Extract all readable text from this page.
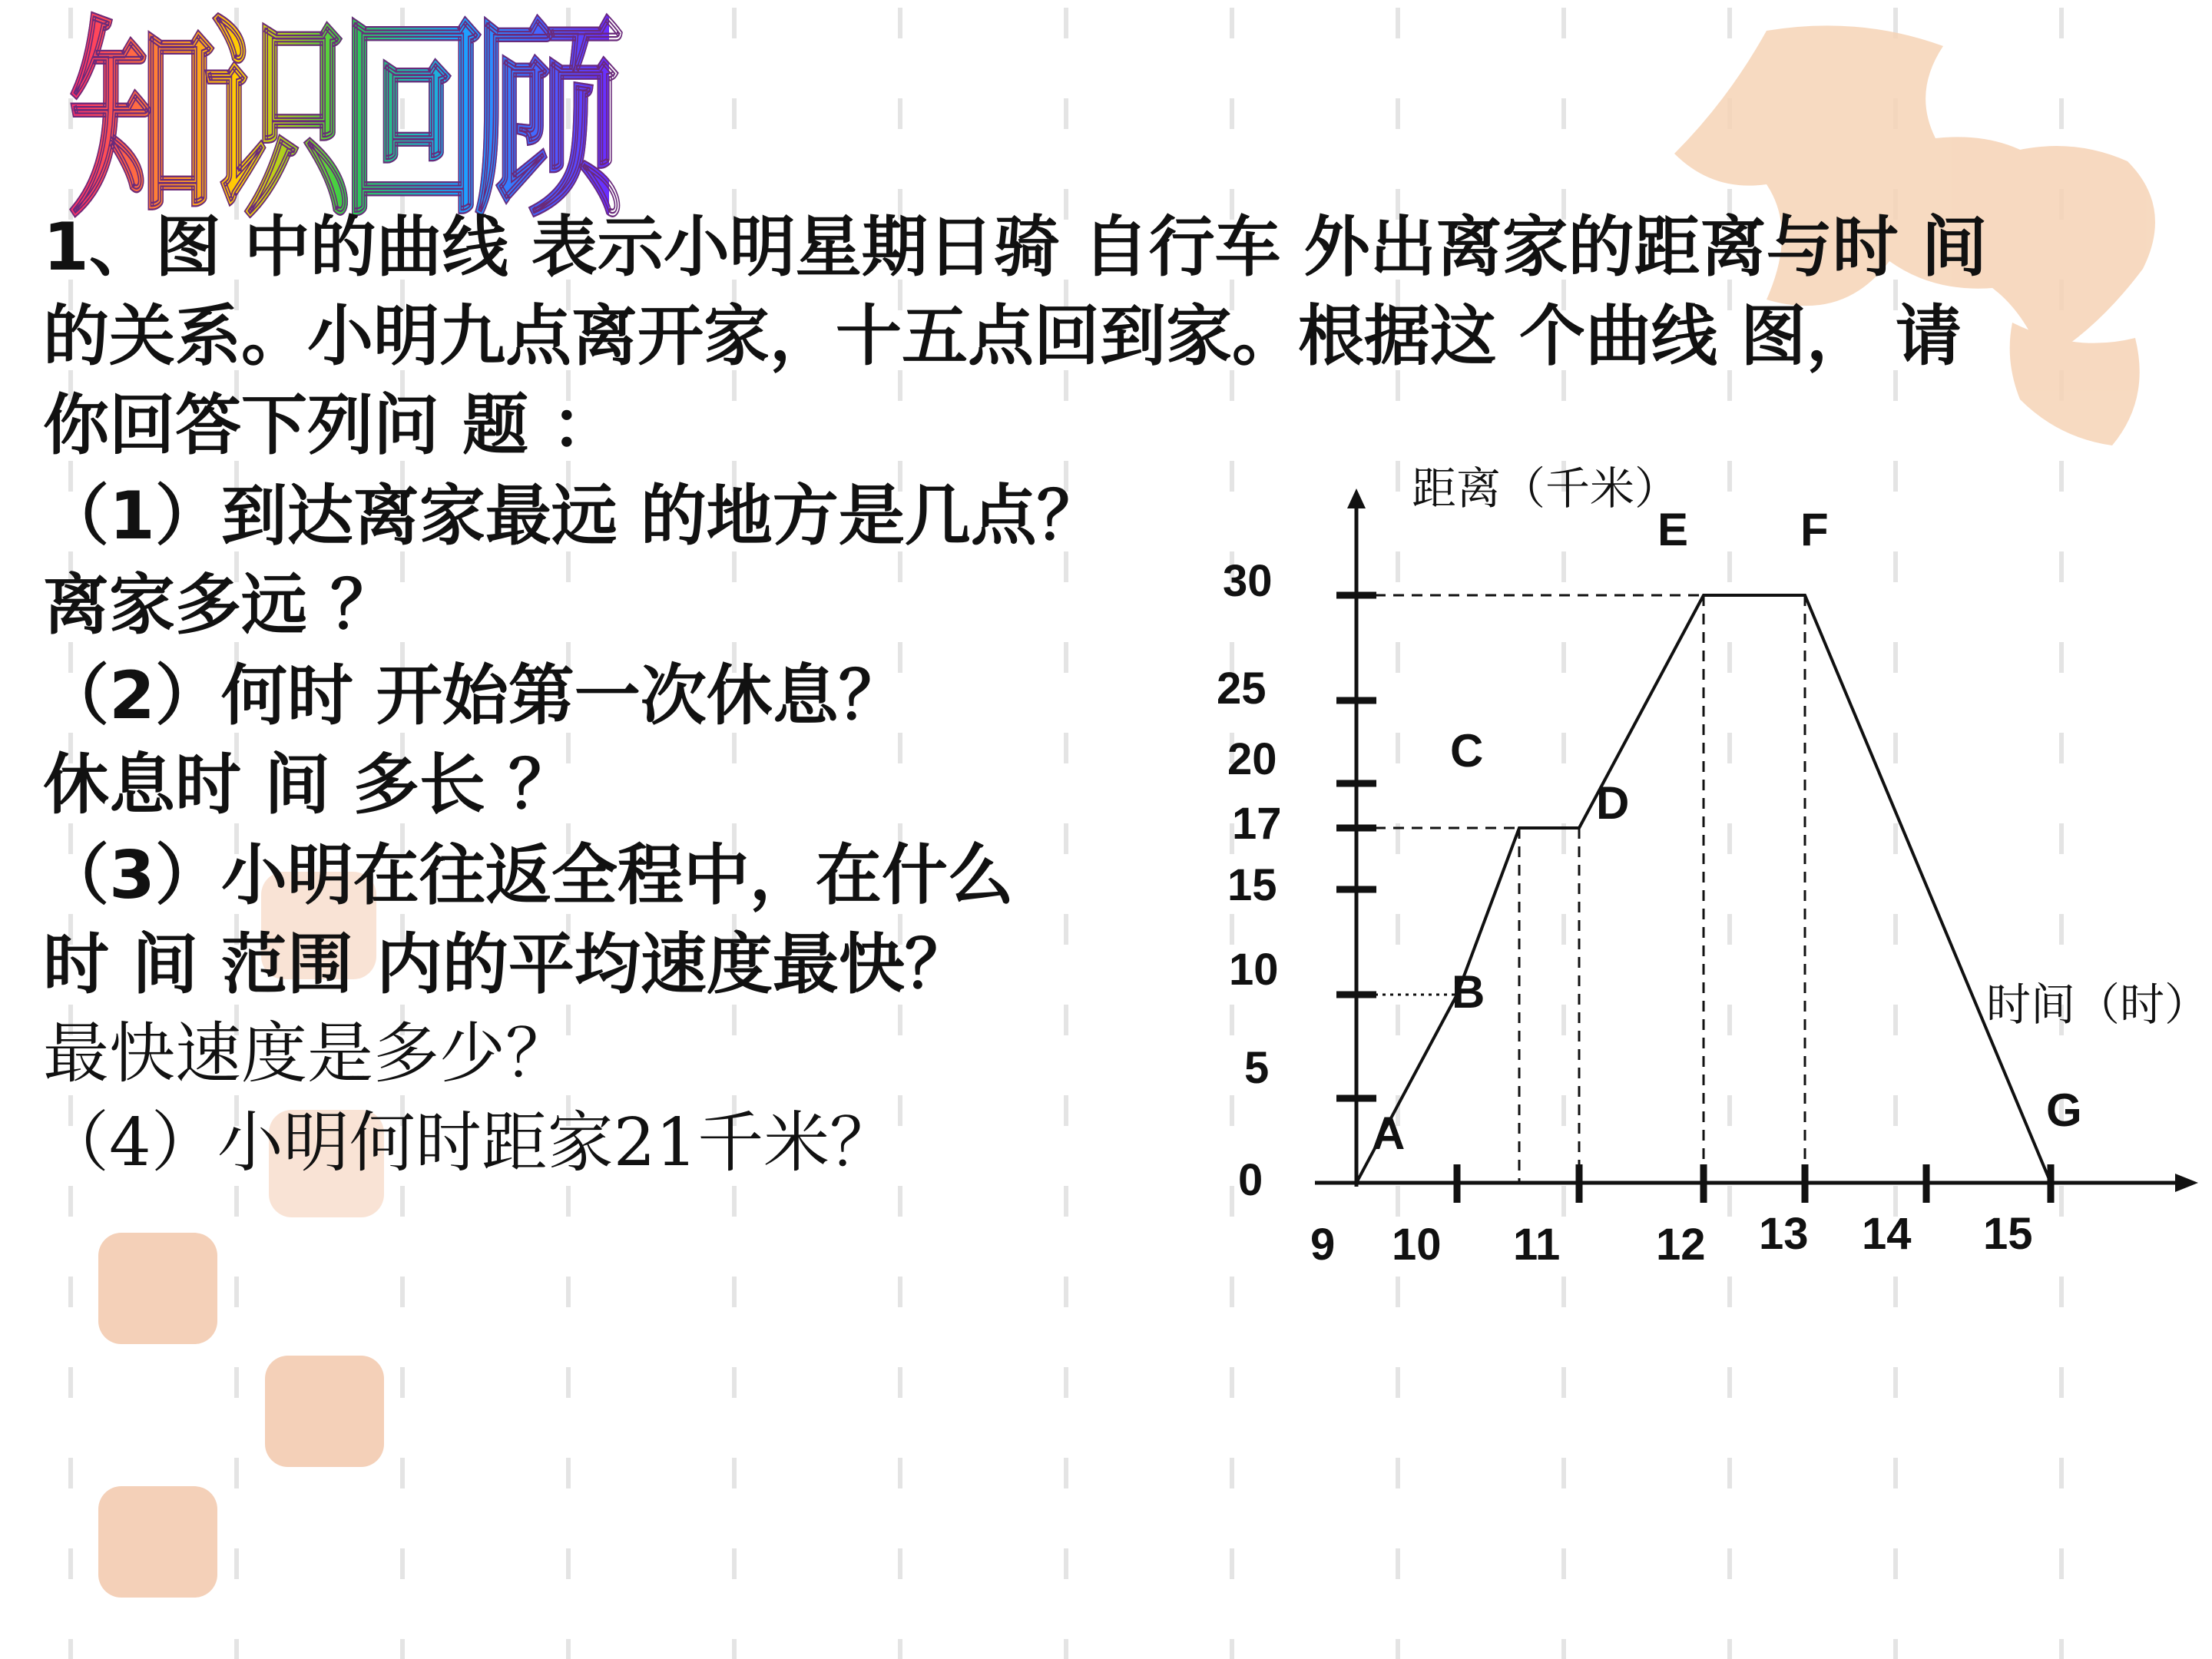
知识回顾
1、图 中的曲线 表示小明星期日骑 自行车 外出离家的距离与时 间
的关系。小明九点离开家，十五点回到家。根据这 个曲线 图， 请
你回答下列问 题 ：
（1）到达离家最远 的地方是几点？
离家多远 ？
（2）何时 开始第一次休息？
休息时 间 多长 ？
（3）小明在往返全程中，在什么
时 间 范围 内的平均速度最快？
最快速度是多少？
（4）小明何时距家21千米？
距离（千米）
时间（时）
0
5
10
15
17
20
25
30
9 10 11 12 13 14 15
A
B
C
D
E F
G
